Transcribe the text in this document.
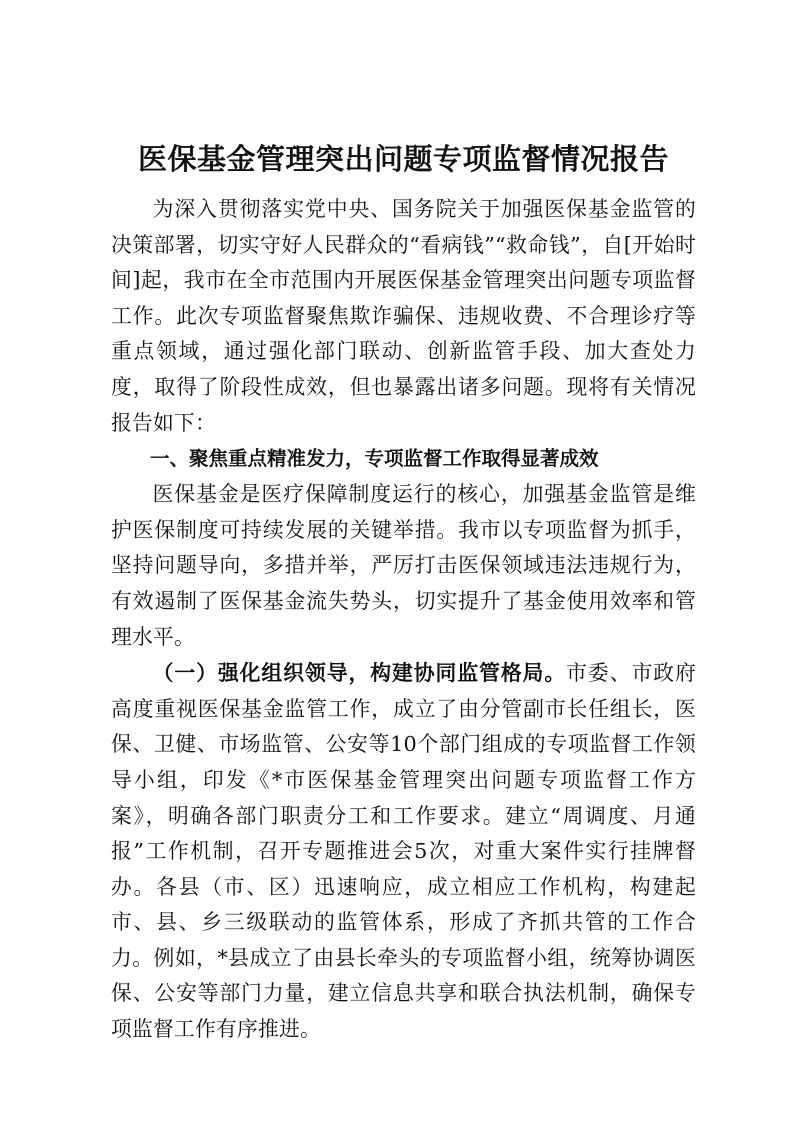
医保基金管理突出问题专项监督情况报告

为深入贯彻落实党中央、国务院关于加强医保基金监管的决策部署，切实守好人民群众的“看病钱”“救命钱”，自[开始时间]起，我市在全市范围内开展医保基金管理突出问题专项监督工作。此次专项监督聚焦欺诈骗保、违规收费、不合理诊疗等重点领域，通过强化部门联动、创新监管手段、加大查处力度，取得了阶段性成效，但也暴露出诸多问题。现将有关情况报告如下：

一、聚焦重点精准发力，专项监督工作取得显著成效

医保基金是医疗保障制度运行的核心，加强基金监管是维护医保制度可持续发展的关键举措。我市以专项监督为抓手，坚持问题导向，多措并举，严厉打击医保领域违法违规行为，有效遏制了医保基金流失势头，切实提升了基金使用效率和管理水平。

（一）强化组织领导，构建协同监管格局。市委、市政府高度重视医保基金监管工作，成立了由分管副市长任组长，医保、卫健、市场监管、公安等10个部门组成的专项监督工作领导小组，印发《*市医保基金管理突出问题专项监督工作方案》，明确各部门职责分工和工作要求。建立“周调度、月通报”工作机制，召开专题推进会5次，对重大案件实行挂牌督办。各县（市、区）迅速响应，成立相应工作机构，构建起市、县、乡三级联动的监管体系，形成了齐抓共管的工作合力。例如，*县成立了由县长牵头的专项监督小组，统筹协调医保、公安等部门力量，建立信息共享和联合执法机制，确保专项监督工作有序推进。
